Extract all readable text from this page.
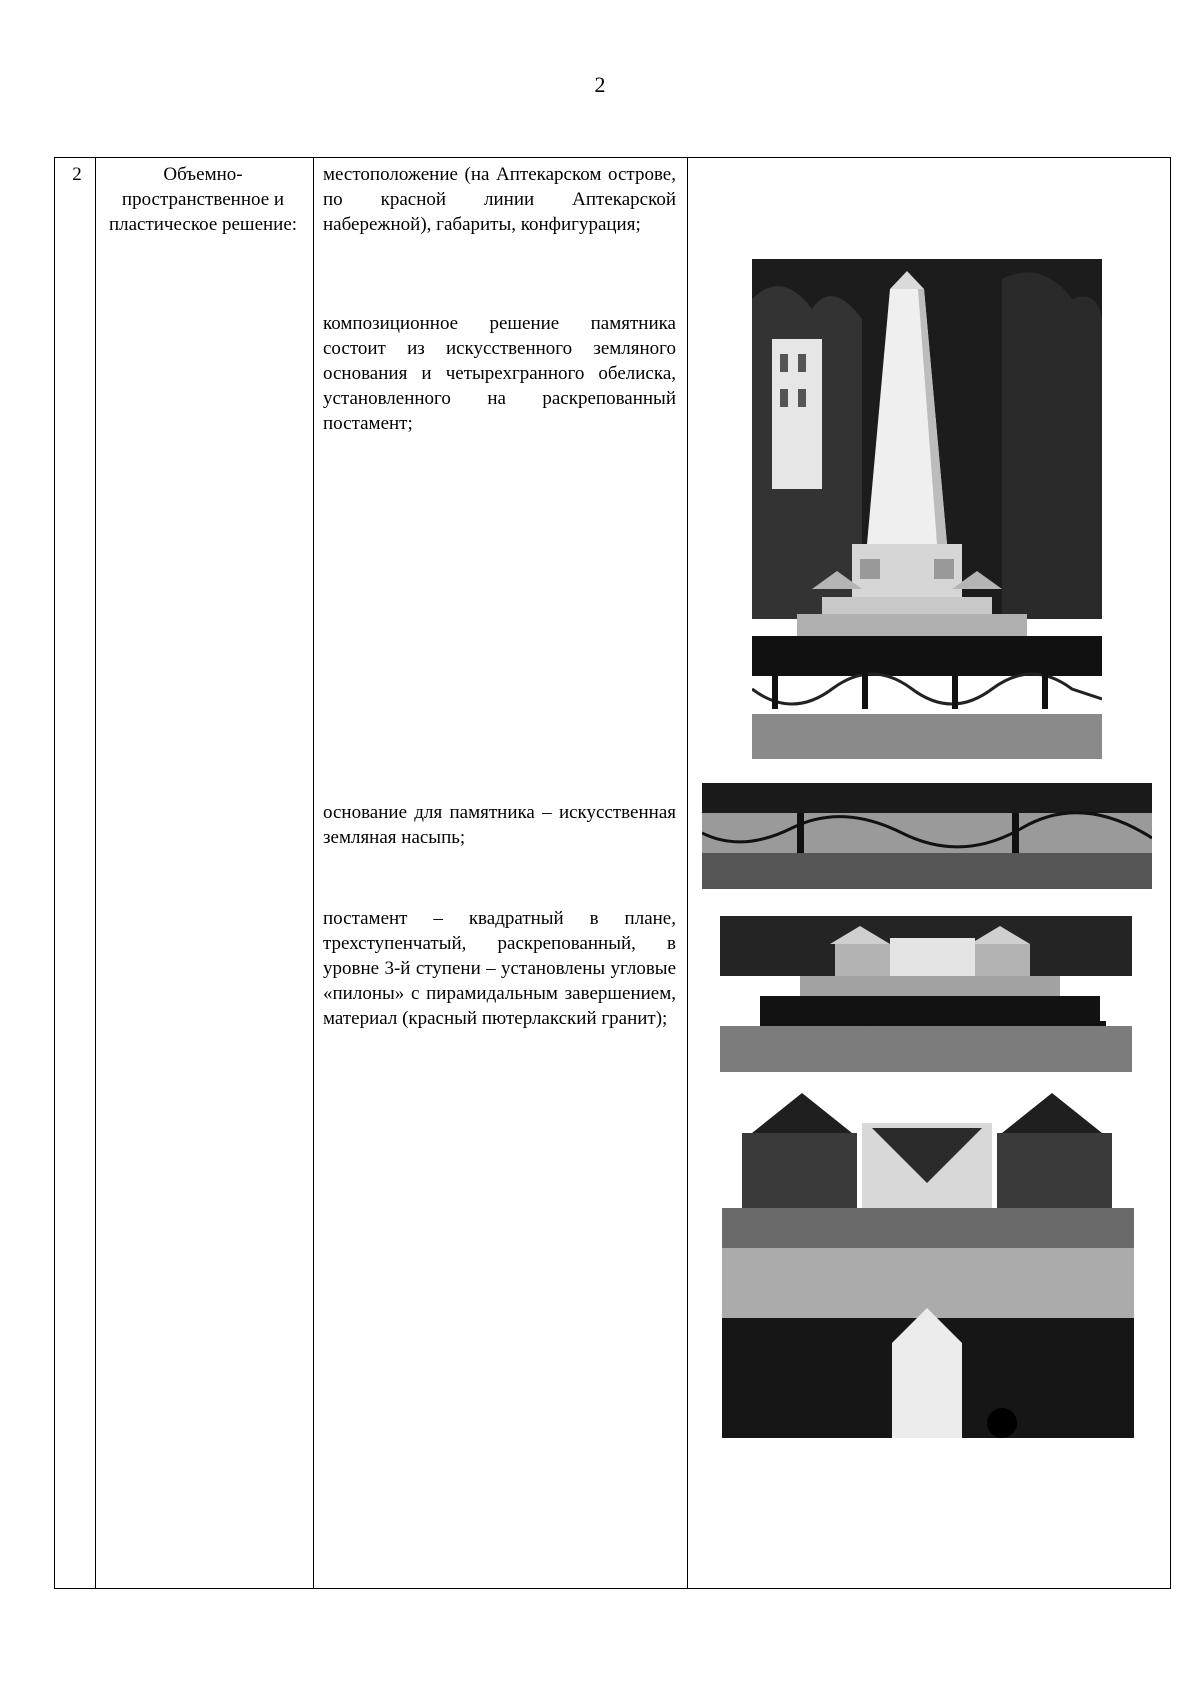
2
2	Объемно-пространственное и пластическое решение:
местоположение (на Аптекарском острове, по красной линии Аптекарской набережной), габариты, конфигурация;
композиционное решение памятника состоит из искусственного земляного основания и четырехгранного обелиска, установленного на раскрепованный постамент;
основание для памятника – искусственная земляная насыпь;
постамент – квадратный в плане, трехступенчатый, раскрепованный, в уровне 3-й ступени – установлены угловые «пилоны» с пирамидальным завершением, материал (красный пютерлакский гранит);
